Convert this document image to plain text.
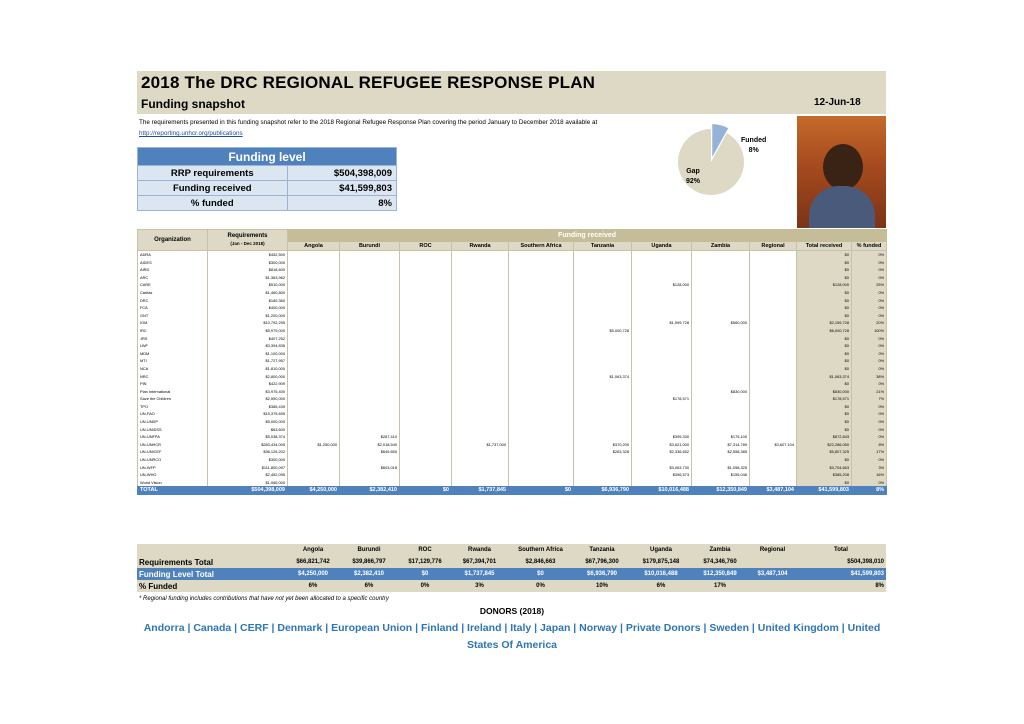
2018 The DRC REGIONAL REFUGEE RESPONSE PLAN
Funding snapshot	12-Jun-18
The requirements presented in this funding snapshot refer to the 2018 Regional Refugee Response Plan covering the period January to December 2018 available at http://reporting.unhcr.org/publications
Funding level	
RRP requirements	$504,398,009
Funding received	$41,599,803
% funded	8%
Funded
8%
Gap
92%
Organization	Requirements
(Jan - Dec 2018)	Funding received										
		Angola	Burundi	ROC	Rwanda	Southern Africa	Tanzania	Uganda	Zambia	Regional	Total received	% funded
ADRA	$452,500										$0	0%
AIDES	$300,000										$0	0%
AIRD	$818,600										$0	0%
ARC	$1,363,962										$0	0%
CARE	$510,000							$128,000			$128,000	25%
Caritas	$1,460,800										$0	0%
DRC	$189,360										$0	0%
FCA	$400,000										$0	0%
GNT	$1,200,000										$0	0%
IOM	$10,792,295							$1,599,728	$560,000		$2,159,728	20%
IRC	$5,979,000						$5,000,728				$6,000,728	100%
JRS	$407,252										$0	0%
LWF	$3,394,835										$0	0%
MDM	$1,100,000										$0	0%
MTI	$1,727,957										$0	0%
NCA	$1,810,000										$0	0%
NRC	$2,800,000						$1,063,374				$1,063,374	38%
PIN	$422,909										$0	0%
Plan International	$3,975,400								$830,000		$830,000	21%
Save the Children	$2,590,000							$178,571			$178,571	7%
TPO	$385,439										$0	0%
UN-FAO	$15,375,695										$0	0%
UN-UNDP	$5,000,000										$0	0%
UN-UNIDSS	$63,600										$0	0%
UN-UNFPA	$5,038,374		$287,410					$399,330	$175,100		$872,843	0%
UN-UNHCR	$283,434,005	$1,250,000	$2,018,540		$1,737,000		$370,200	$3,621,000	$7,314,789	$3,607,104	$22,286,050	8%
UN-UNICEF	$36,126,202		$649,650				$263,328	$2,336,652	$2,558,385		$5,807,325	17%
UN-UNRCO	$300,000										$0	0%
UN-WFP	$111,800,097		$603,018					$3,063,730	$1,058,325		$3,704,663	3%
UN-WHO	$2,452,095							$396,573	$155,046		$385,208	16%
World Vision	$1,065,000										$0	0%
TOTAL	$504,398,009	$4,250,000	$2,382,410	$0	$1,737,845	$0	$6,936,790	$10,016,488	$12,350,849	$3,487,104	$41,599,803	8%
	Angola	Burundi	ROC	Rwanda	Southern Africa	Tanzania	Uganda	Zambia	Regional	Total
Requirements Total	$66,821,742	$39,866,797	$17,129,776	$67,394,701	$2,846,663	$67,796,300	$179,875,148	$74,346,760		$504,398,010
Funding Level Total	$4,250,000	$2,382,410	$0	$1,737,845	$0	$6,936,790	$10,016,488	$12,350,849	$3,487,104	$41,599,803
% Funded	6%	6%	0%	3%	0%	10%	6%	17%		8%
* Regional funding includes contributions that have not yet been allocated to a specific country
DONORS (2018)
Andorra | Canada | CERF | Denmark | European Union | Finland | Ireland | Italy | Japan | Norway | Private Donors | Sweden | United Kingdom | United States Of America
